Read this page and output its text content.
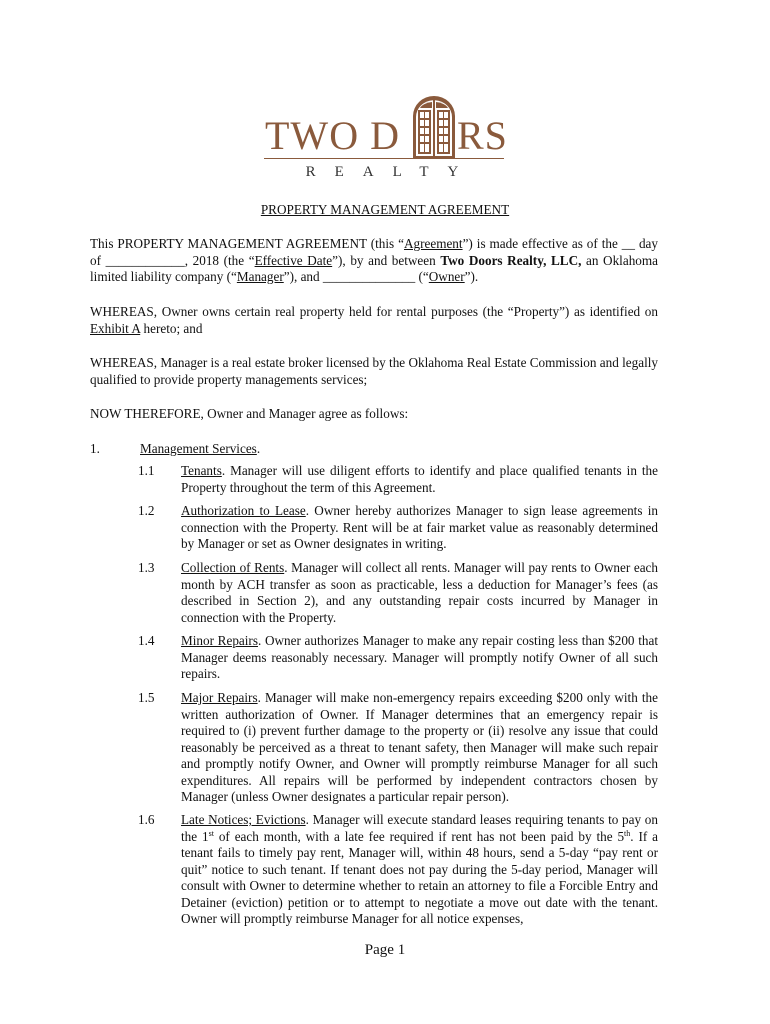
TWO D RS
REALTY
PROPERTY MANAGEMENT AGREEMENT
This PROPERTY MANAGEMENT AGREEMENT (this “Agreement”) is made effective as of the __ day of ____________, 2018 (the “Effective Date”), by and between Two Doors Realty, LLC, an Oklahoma limited liability company (“Manager”), and ______________ (“Owner”).
WHEREAS, Owner owns certain real property held for rental purposes (the “Property”) as identified on Exhibit A hereto; and
WHEREAS, Manager is a real estate broker licensed by the Oklahoma Real Estate Commission and legally qualified to provide property managements services;
NOW THEREFORE, Owner and Manager agree as follows:
1.	Management Services.
1.1 Tenants. Manager will use diligent efforts to identify and place qualified tenants in the Property throughout the term of this Agreement.
1.2 Authorization to Lease. Owner hereby authorizes Manager to sign lease agreements in connection with the Property. Rent will be at fair market value as reasonably determined by Manager or set as Owner designates in writing.
1.3 Collection of Rents. Manager will collect all rents. Manager will pay rents to Owner each month by ACH transfer as soon as practicable, less a deduction for Manager’s fees (as described in Section 2), and any outstanding repair costs incurred by Manager in connection with the Property.
1.4 Minor Repairs. Owner authorizes Manager to make any repair costing less than $200 that Manager deems reasonably necessary. Manager will promptly notify Owner of all such repairs.
1.5 Major Repairs. Manager will make non-emergency repairs exceeding $200 only with the written authorization of Owner. If Manager determines that an emergency repair is required to (i) prevent further damage to the property or (ii) resolve any issue that could reasonably be perceived as a threat to tenant safety, then Manager will make such repair and promptly notify Owner, and Owner will promptly reimburse Manager for all such expenditures. All repairs will be performed by independent contractors chosen by Manager (unless Owner designates a particular repair person).
1.6 Late Notices; Evictions. Manager will execute standard leases requiring tenants to pay on the 1st of each month, with a late fee required if rent has not been paid by the 5th. If a tenant fails to timely pay rent, Manager will, within 48 hours, send a 5-day “pay rent or quit” notice to such tenant. If tenant does not pay during the 5-day period, Manager will consult with Owner to determine whether to retain an attorney to file a Forcible Entry and Detainer (eviction) petition or to attempt to negotiate a move out date with the tenant. Owner will promptly reimburse Manager for all notice expenses,
Page 1
